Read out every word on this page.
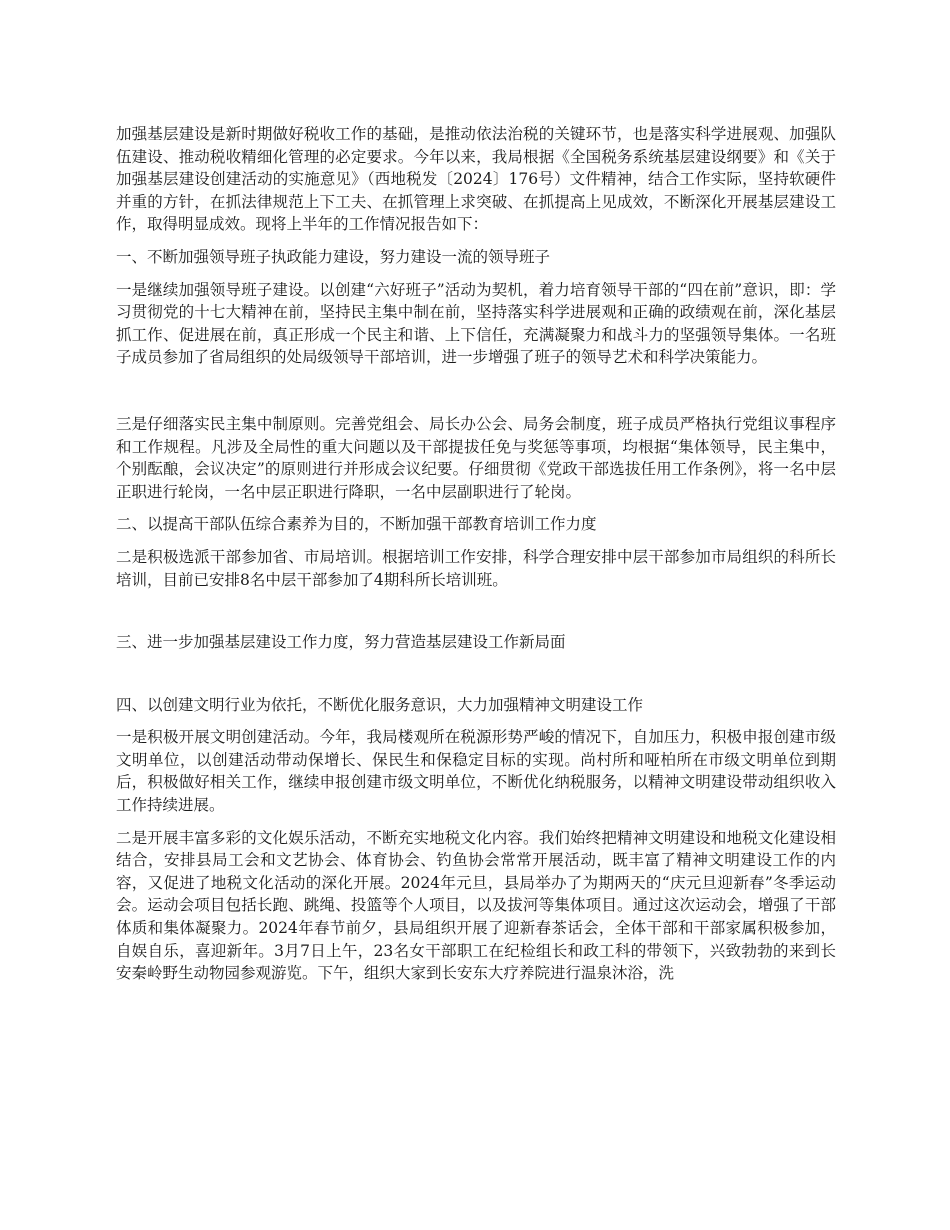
加强基层建设是新时期做好税收工作的基础，是推动依法治税的关键环节，也是落实科学进展观、加强队伍建设、推动税收精细化管理的必定要求。今年以来，我局根据《全国税务系统基层建设纲要》和《关于加强基层建设创建活动的实施意见》（西地税发〔2024〕176号）文件精神，结合工作实际，坚持软硬件并重的方针，在抓法律规范上下工夫、在抓管理上求突破、在抓提高上见成效，不断深化开展基层建设工作，取得明显成效。现将上半年的工作情况报告如下：

一、不断加强领导班子执政能力建设，努力建设一流的领导班子

一是继续加强领导班子建设。以创建“六好班子”活动为契机，着力培育领导干部的“四在前”意识，即：学习贯彻党的十七大精神在前，坚持民主集中制在前，坚持落实科学进展观和正确的政绩观在前，深化基层抓工作、促进展在前，真正形成一个民主和谐、上下信任，充满凝聚力和战斗力的坚强领导集体。一名班子成员参加了省局组织的处局级领导干部培训，进一步增强了班子的领导艺术和科学决策能力。

三是仔细落实民主集中制原则。完善党组会、局长办公会、局务会制度，班子成员严格执行党组议事程序和工作规程。凡涉及全局性的重大问题以及干部提拔任免与奖惩等事项，均根据“集体领导，民主集中，个别酝酿，会议决定”的原则进行并形成会议纪要。仔细贯彻《党政干部选拔任用工作条例》，将一名中层正职进行轮岗，一名中层正职进行降职，一名中层副职进行了轮岗。

二、以提高干部队伍综合素养为目的，不断加强干部教育培训工作力度

二是积极选派干部参加省、市局培训。根据培训工作安排，科学合理安排中层干部参加市局组织的科所长培训，目前已安排8名中层干部参加了4期科所长培训班。

三、进一步加强基层建设工作力度，努力营造基层建设工作新局面

四、以创建文明行业为依托，不断优化服务意识，大力加强精神文明建设工作

一是积极开展文明创建活动。今年，我局楼观所在税源形势严峻的情况下，自加压力，积极申报创建市级文明单位，以创建活动带动保增长、保民生和保稳定目标的实现。尚村所和哑柏所在市级文明单位到期后，积极做好相关工作，继续申报创建市级文明单位，不断优化纳税服务，以精神文明建设带动组织收入工作持续进展。

二是开展丰富多彩的文化娱乐活动，不断充实地税文化内容。我们始终把精神文明建设和地税文化建设相结合，安排县局工会和文艺协会、体育协会、钓鱼协会常常开展活动，既丰富了精神文明建设工作的内容，又促进了地税文化活动的深化开展。2024年元旦，县局举办了为期两天的“庆元旦迎新春”冬季运动会。运动会项目包括长跑、跳绳、投篮等个人项目，以及拔河等集体项目。通过这次运动会，增强了干部体质和集体凝聚力。2024年春节前夕，县局组织开展了迎新春茶话会，全体干部和干部家属积极参加，自娱自乐，喜迎新年。3月7日上午，23名女干部职工在纪检组长和政工科的带领下，兴致勃勃的来到长安秦岭野生动物园参观游览。下午，组织大家到长安东大疗养院进行温泉沐浴，洗
